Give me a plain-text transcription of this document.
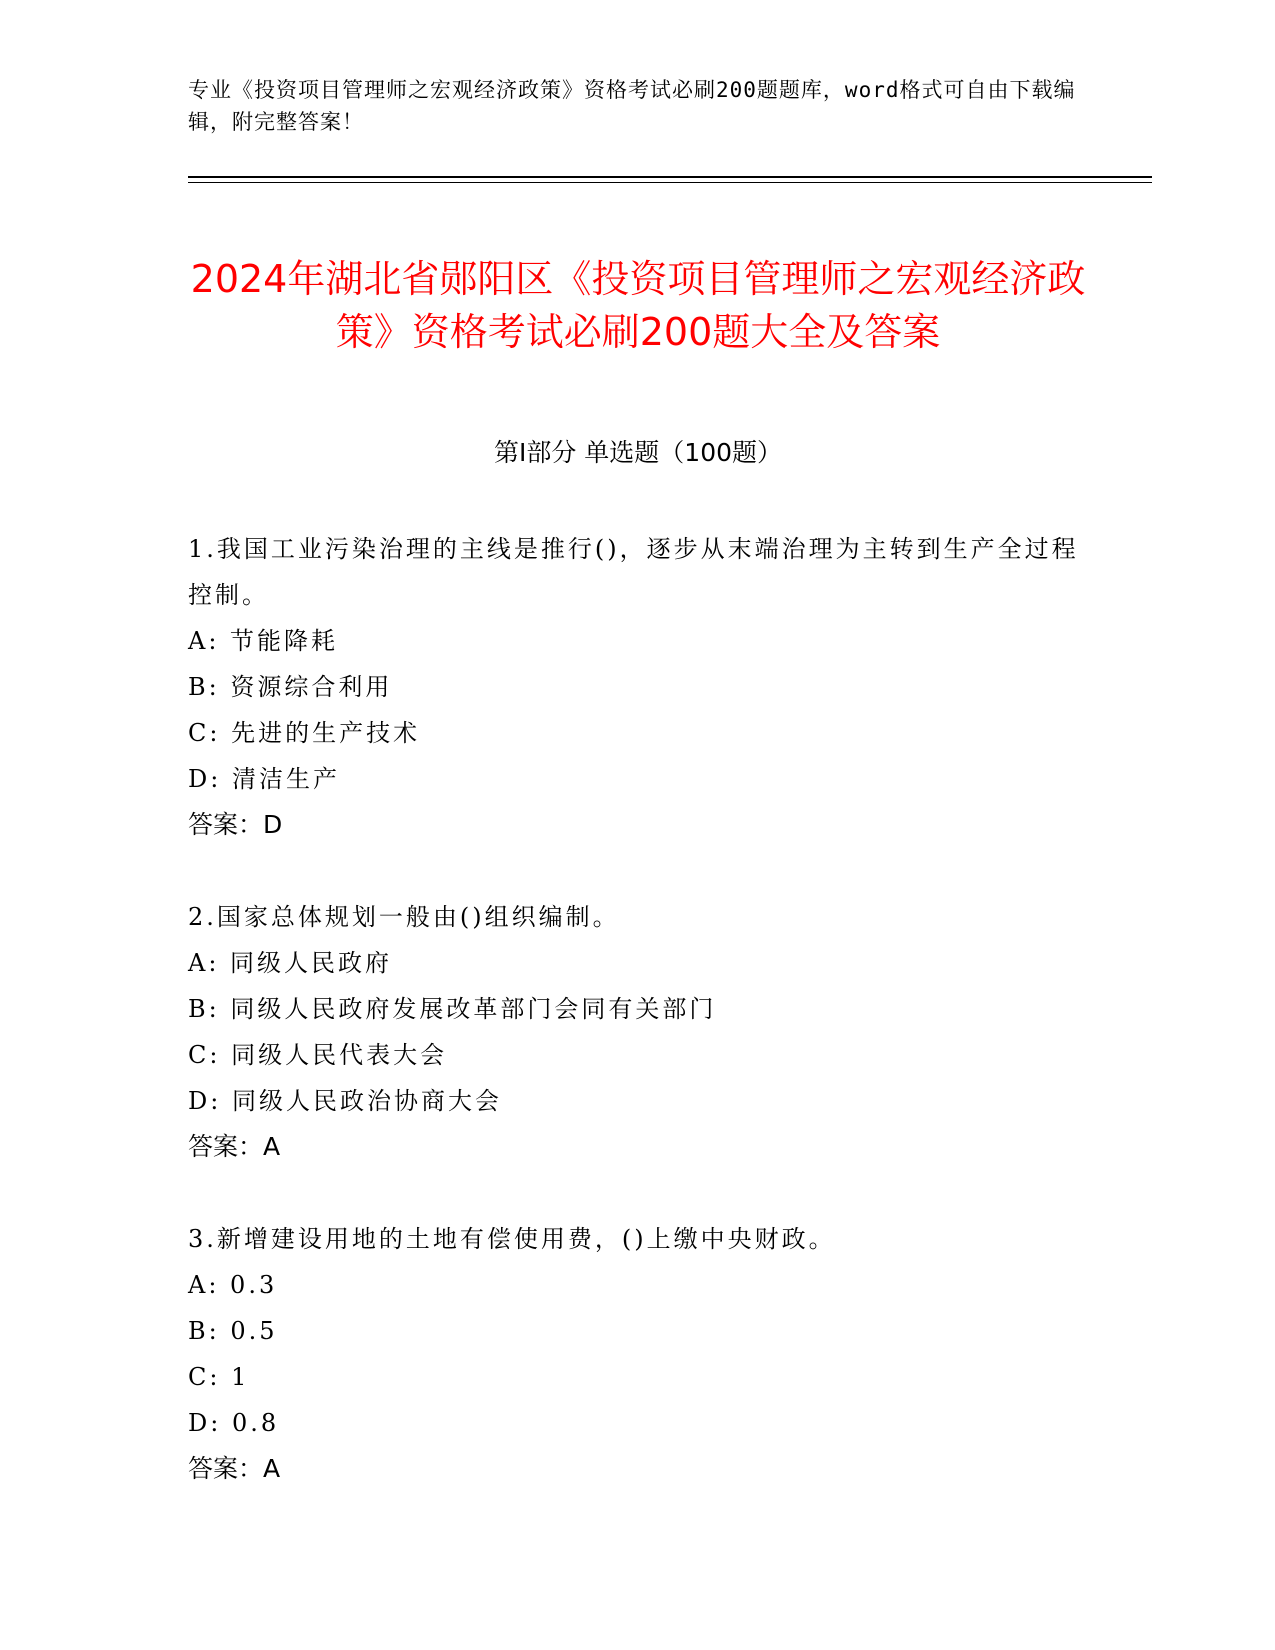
专业《投资项目管理师之宏观经济政策》资格考试必刷200题题库，word格式可自由下载编辑，附完整答案！
2024年湖北省郧阳区《投资项目管理师之宏观经济政策》资格考试必刷200题大全及答案
第Ⅰ部分 单选题（100题）
1.我国工业污染治理的主线是推行()，逐步从末端治理为主转到生产全过程控制。
A: 节能降耗
B: 资源综合利用
C: 先进的生产技术
D: 清洁生产
答案：D
2.国家总体规划一般由()组织编制。
A: 同级人民政府
B: 同级人民政府发展改革部门会同有关部门
C: 同级人民代表大会
D: 同级人民政治协商大会
答案：A
3.新增建设用地的土地有偿使用费，()上缴中央财政。
A: 0.3
B: 0.5
C: 1
D: 0.8
答案：A
